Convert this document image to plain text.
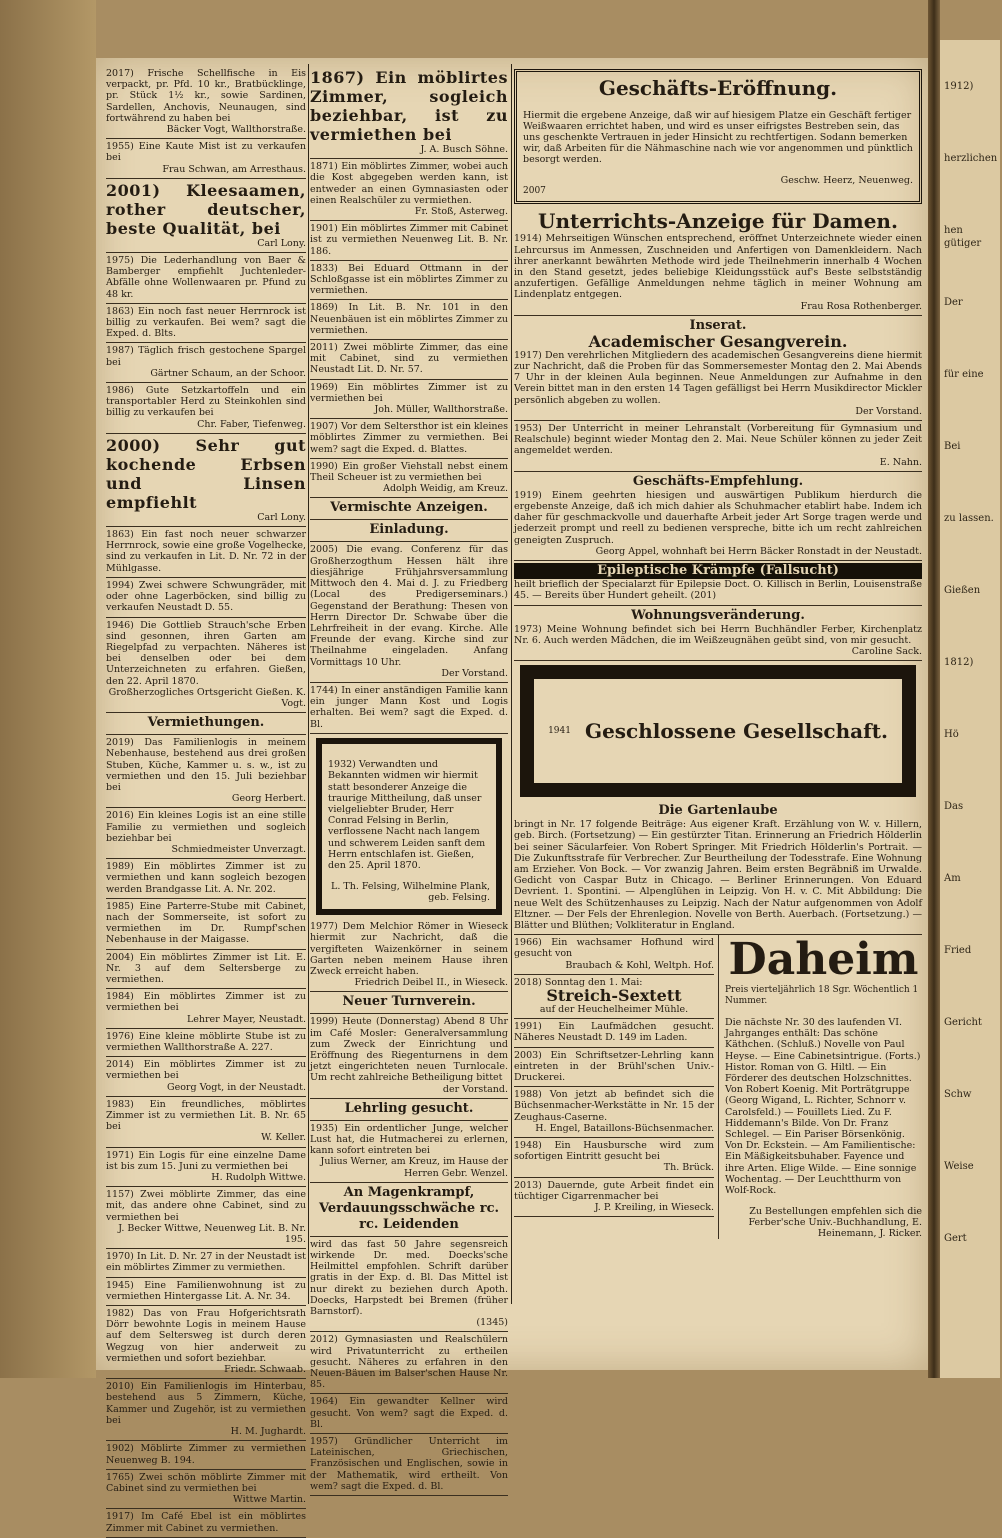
2017) Frische Schellfische in Eis verpackt, pr. Pfd. 10 kr., Bratbücklinge, pr. Stück 1½ kr., sowie Sardinen, Sardellen, Anchovis, Neunaugen, sind fortwährend zu haben bei

Bäcker Vogt, Wallthorstraße.

1955) Eine Kaute Mist ist zu verkaufen bei

Frau Schwan, am Arresthaus.

2001) Kleesaamen, rother deutscher, beste Qualität, bei

Carl Lony.

1975) Die Lederhandlung von Baer & Bamberger empfiehlt Juchtenleder-Abfälle ohne Wollenwaaren pr. Pfund zu 48 kr.

1863) Ein noch fast neuer Herrnrock ist billig zu verkaufen. Bei wem? sagt die Exped. d. Blts.

1987) Täglich frisch gestochene Spargel bei

Gärtner Schaum, an der Schoor.

1986) Gute Setzkartoffeln und ein transportabler Herd zu Steinkohlen sind billig zu verkaufen bei

Chr. Faber, Tiefenweg.

2000) Sehr gut kochende Erbsen und Linsen empfiehlt

Carl Lony.

1863) Ein fast noch neuer schwarzer Herrnrock, sowie eine große Vogelhecke, sind zu verkaufen in Lit. D. Nr. 72 in der Mühlgasse.

1994) Zwei schwere Schwungräder, mit oder ohne Lagerböcken, sind billig zu verkaufen Neustadt D. 55.

1946) Die Gottlieb Strauch'sche Erben sind gesonnen, ihren Garten am Riegelpfad zu verpachten. Näheres ist bei denselben oder bei dem Unterzeichneten zu erfahren. Gießen, den 22. April 1870.

Großherzogliches Ortsgericht Gießen. K. Vogt.
Vermiethungen.

2019) Das Familienlogis in meinem Nebenhause, bestehend aus drei großen Stuben, Küche, Kammer u. s. w., ist zu vermiethen und den 15. Juli beziehbar bei

Georg Herbert.

2016) Ein kleines Logis ist an eine stille Familie zu vermiethen und sogleich beziehbar bei

Schmiedmeister Unverzagt.

1989) Ein möblirtes Zimmer ist zu vermiethen und kann sogleich bezogen werden Brandgasse Lit. A. Nr. 202.

1985) Eine Parterre-Stube mit Cabinet, nach der Sommerseite, ist sofort zu vermiethen im Dr. Rumpf'schen Nebenhause in der Maigasse.

2004) Ein möblirtes Zimmer ist Lit. E. Nr. 3 auf dem Seltersberge zu vermiethen.

1984) Ein möblirtes Zimmer ist zu vermiethen bei

Lehrer Mayer, Neustadt.

1976) Eine kleine möblirte Stube ist zu vermiethen Wallthorstraße A. 227.

2014) Ein möblirtes Zimmer ist zu vermiethen bei

Georg Vogt, in der Neustadt.

1983) Ein freundliches, möblirtes Zimmer ist zu vermiethen Lit. B. Nr. 65 bei

W. Keller.

1971) Ein Logis für eine einzelne Dame ist bis zum 15. Juni zu vermiethen bei

H. Rudolph Wittwe.

1157) Zwei möblirte Zimmer, das eine mit, das andere ohne Cabinet, sind zu vermiethen bei

J. Becker Wittwe, Neuenweg Lit. B. Nr. 195.

1970) In Lit. D. Nr. 27 in der Neustadt ist ein möblirtes Zimmer zu vermiethen.

1945) Eine Familienwohnung ist zu vermiethen Hintergasse Lit. A. Nr. 34.

1982) Das von Frau Hofgerichtsrath Dörr bewohnte Logis in meinem Hause auf dem Seltersweg ist durch deren Wegzug von hier anderweit zu vermiethen und sofort beziehbar.

Friedr. Schwaab.

2010) Ein Familienlogis im Hinterbau, bestehend aus 5 Zimmern, Küche, Kammer und Zugehör, ist zu vermiethen bei

H. M. Jughardt.

1902) Möblirte Zimmer zu vermiethen Neuenweg B. 194.

1765) Zwei schön möblirte Zimmer mit Cabinet sind zu vermiethen bei

Wittwe Martin.

1917) Im Café Ebel ist ein möblirtes Zimmer mit Cabinet zu vermiethen.

1867) Ein möblirtes Zimmer, sogleich beziehbar, ist zu vermiethen bei

J. A. Busch Söhne.

1871) Ein möblirtes Zimmer, wobei auch die Kost abgegeben werden kann, ist entweder an einen Gymnasiasten oder einen Realschüler zu vermiethen.

Fr. Stoß, Asterweg.

1901) Ein möblirtes Zimmer mit Cabinet ist zu vermiethen Neuenweg Lit. B. Nr. 186.

1833) Bei Eduard Ottmann in der Schloßgasse ist ein möblirtes Zimmer zu vermiethen.

1869) In Lit. B. Nr. 101 in den Neuenbäuen ist ein möblirtes Zimmer zu vermiethen.

2011) Zwei möblirte Zimmer, das eine mit Cabinet, sind zu vermiethen Neustadt Lit. D. Nr. 57.

1969) Ein möblirtes Zimmer ist zu vermiethen bei

Joh. Müller, Wallthorstraße.

1907) Vor dem Seltersthor ist ein kleines möblirtes Zimmer zu vermiethen. Bei wem? sagt die Exped. d. Blattes.

1990) Ein großer Viehstall nebst einem Theil Scheuer ist zu vermiethen bei

Adolph Weidig, am Kreuz.
Vermischte Anzeigen.
Einladung.

2005) Die evang. Conferenz für das Großherzogthum Hessen hält ihre diesjährige Frühjahrsversammlung Mittwoch den 4. Mai d. J. zu Friedberg (Local des Predigerseminars.) Gegenstand der Berathung: Thesen von Herrn Director Dr. Schwabe über die Lehrfreiheit in der evang. Kirche. Alle Freunde der evang. Kirche sind zur Theilnahme eingeladen. Anfang Vormittags 10 Uhr.

Der Vorstand.

1744) In einer anständigen Familie kann ein junger Mann Kost und Logis erhalten. Bei wem? sagt die Exped. d. Bl.

1932) Verwandten und Bekannten widmen wir hiermit statt besonderer Anzeige die traurige Mittheilung, daß unser vielgeliebter Bruder, Herr Conrad Felsing in Berlin, verflossene Nacht nach langem und schwerem Leiden sanft dem Herrn entschlafen ist. Gießen, den 25. April 1870.

L. Th. Felsing, Wilhelmine Plank, geb. Felsing.

1977) Dem Melchior Römer in Wieseck hiermit zur Nachricht, daß die vergifteten Waizenkörner in seinem Garten neben meinem Hause ihren Zweck erreicht haben.

Friedrich Deibel II., in Wieseck.
Neuer Turnverein.

1999) Heute (Donnerstag) Abend 8 Uhr im Café Mosler: Generalversammlung zum Zweck der Einrichtung und Eröffnung des Riegenturnens in dem jetzt eingerichteten neuen Turnlocale. Um recht zahlreiche Betheiligung bittet

der Vorstand.
Lehrling gesucht.

1935) Ein ordentlicher Junge, welcher Lust hat, die Hutmacherei zu erlernen, kann sofort eintreten bei

Julius Werner, am Kreuz, im Hause der Herren Gebr. Wenzel.
An Magenkrampf, Verdauungsschwäche rc. rc. Leidenden

wird das fast 50 Jahre segensreich wirkende Dr. med. Doecks'sche Heilmittel empfohlen. Schrift darüber gratis in der Exp. d. Bl. Das Mittel ist nur direkt zu beziehen durch Apoth. Doecks, Harpstedt bei Bremen (früher Barnstorf).

(1345)

2012) Gymnasiasten und Realschülern wird Privatunterricht zu ertheilen gesucht. Näheres zu erfahren in den Neuen-Bäuen im Balser'schen Hause Nr. 85.

1964) Ein gewandter Kellner wird gesucht. Von wem? sagt die Exped. d. Bl.

1957) Gründlicher Unterricht im Lateinischen, Griechischen, Französischen und Englischen, sowie in der Mathematik, wird ertheilt. Von wem? sagt die Exped. d. Bl.

Geschäfts-Eröffnung.

Hiermit die ergebene Anzeige, daß wir auf hiesigem Platze ein Geschäft fertiger Weißwaaren errichtet haben, und wird es unser eifrigstes Bestreben sein, das uns geschenkte Vertrauen in jeder Hinsicht zu rechtfertigen. Sodann bemerken wir, daß Arbeiten für die Nähmaschine nach wie vor angenommen und pünktlich besorgt werden.

Geschw. Heerz, Neuenweg.
2007
Unterrichts-Anzeige für Damen.

1914) Mehrseitigen Wünschen entsprechend, eröffnet Unterzeichnete wieder einen Lehrcursus im Anmessen, Zuschneiden und Anfertigen von Damenkleidern. Nach ihrer anerkannt bewährten Methode wird jede Theilnehmerin innerhalb 4 Wochen in den Stand gesetzt, jedes beliebige Kleidungsstück auf's Beste selbstständig anzufertigen. Gefällige Anmeldungen nehme täglich in meiner Wohnung am Lindenplatz entgegen.

Frau Rosa Rothenberger.
Inserat.
Academischer Gesangverein.

1917) Den verehrlichen Mitgliedern des academischen Gesangvereins diene hiermit zur Nachricht, daß die Proben für das Sommersemester Montag den 2. Mai Abends 7 Uhr in der kleinen Aula beginnen. Neue Anmeldungen zur Aufnahme in den Verein bittet man in den ersten 14 Tagen gefälligst bei Herrn Musikdirector Mickler persönlich abgeben zu wollen.

Der Vorstand.

1953) Der Unterricht in meiner Lehranstalt (Vorbereitung für Gymnasium und Realschule) beginnt wieder Montag den 2. Mai. Neue Schüler können zu jeder Zeit angemeldet werden.

E. Nahn.
Geschäfts-Empfehlung.

1919) Einem geehrten hiesigen und auswärtigen Publikum hierdurch die ergebenste Anzeige, daß ich mich dahier als Schuhmacher etablirt habe. Indem ich daher für geschmackvolle und dauerhafte Arbeit jeder Art Sorge tragen werde und jederzeit prompt und reell zu bedienen verspreche, bitte ich um recht zahlreichen geneigten Zuspruch.

Georg Appel, wohnhaft bei Herrn Bäcker Ronstadt in der Neustadt.
Epileptische Krämpfe (Fallsucht)

heilt brieflich der Specialarzt für Epilepsie Doct. O. Killisch in Berlin, Louisenstraße 45. — Bereits über Hundert geheilt. (201)

Wohnungsveränderung.

1973) Meine Wohnung befindet sich bei Herrn Buchhändler Ferber, Kirchenplatz Nr. 6. Auch werden Mädchen, die im Weißzeugnähen geübt sind, von mir gesucht.

Caroline Sack.
1941 Geschlossene Gesellschaft.
Die Gartenlaube

bringt in Nr. 17 folgende Beiträge: Aus eigener Kraft. Erzählung von W. v. Hillern, geb. Birch. (Fortsetzung) — Ein gestürzter Titan. Erinnerung an Friedrich Hölderlin bei seiner Säcularfeier. Von Robert Springer. Mit Friedrich Hölderlin's Portrait. — Die Zukunftsstrafe für Verbrecher. Zur Beurtheilung der Todesstrafe. Eine Wohnung am Erzieher. Von Bock. — Vor zwanzig Jahren. Beim ersten Begräbniß im Urwalde. Gedicht von Caspar Butz in Chicago. — Berliner Erinnerungen. Von Eduard Devrient. 1. Spontini. — Alpenglühen in Leipzig. Von H. v. C. Mit Abbildung: Die neue Welt des Schützenhauses zu Leipzig. Nach der Natur aufgenommen von Adolf Eltzner. — Der Fels der Ehrenlegion. Novelle von Berth. Auerbach. (Fortsetzung.) — Blätter und Blüthen; Volkliteratur in England.

1966) Ein wachsamer Hofhund wird gesucht von

Braubach & Kohl, Weltph. Hof.

2018) Sonntag den 1. Mai:

Streich-Sextett
auf der Heuchelheimer Mühle.

1991) Ein Laufmädchen gesucht. Näheres Neustadt D. 149 im Laden.

2003) Ein Schriftsetzer-Lehrling kann eintreten in der Brühl'schen Univ.-Druckerei.

1988) Von jetzt ab befindet sich die Büchsenmacher-Werkstätte in Nr. 15 der Zeughaus-Caserne.

H. Engel, Bataillons-Büchsenmacher.

1948) Ein Hausbursche wird zum sofortigen Eintritt gesucht bei

Th. Brück.

2013) Dauernde, gute Arbeit findet ein tüchtiger Cigarrenmacher bei

J. P. Kreiling, in Wieseck.
Daheim
Preis vierteljährlich 18 Sgr. Wöchentlich 1 Nummer.

Die nächste Nr. 30 des laufenden VI. Jahrganges enthält: Das schöne Käthchen. (Schluß.) Novelle von Paul Heyse. — Eine Cabinetsintrigue. (Forts.) Histor. Roman von G. Hiltl. — Ein Förderer des deutschen Holzschnittes. Von Robert Koenig. Mit Porträtgruppe (Georg Wigand, L. Richter, Schnorr v. Carolsfeld.) — Fouillets Lied. Zu F. Hiddemann's Bilde. Von Dr. Franz Schlegel. — Ein Pariser Börsenkönig. Von Dr. Eckstein. — Am Familientische: Ein Mäßigkeitsbuhaber. Fayence und ihre Arten. Elige Wilde. — Eine sonnige Wochentag. — Der Leuchtthurm von Wolf-Rock.

Zu Bestellungen empfehlen sich die Ferber'sche Univ.-Buchhandlung, E. Heinemann, J. Ricker.
1912)
herzlichen
hen gütiger
Der
für eine
Bei
zu lassen.
Gießen
1812)
Hö
Das
Am
Fried
Gericht
Schw
Weise
Gert
